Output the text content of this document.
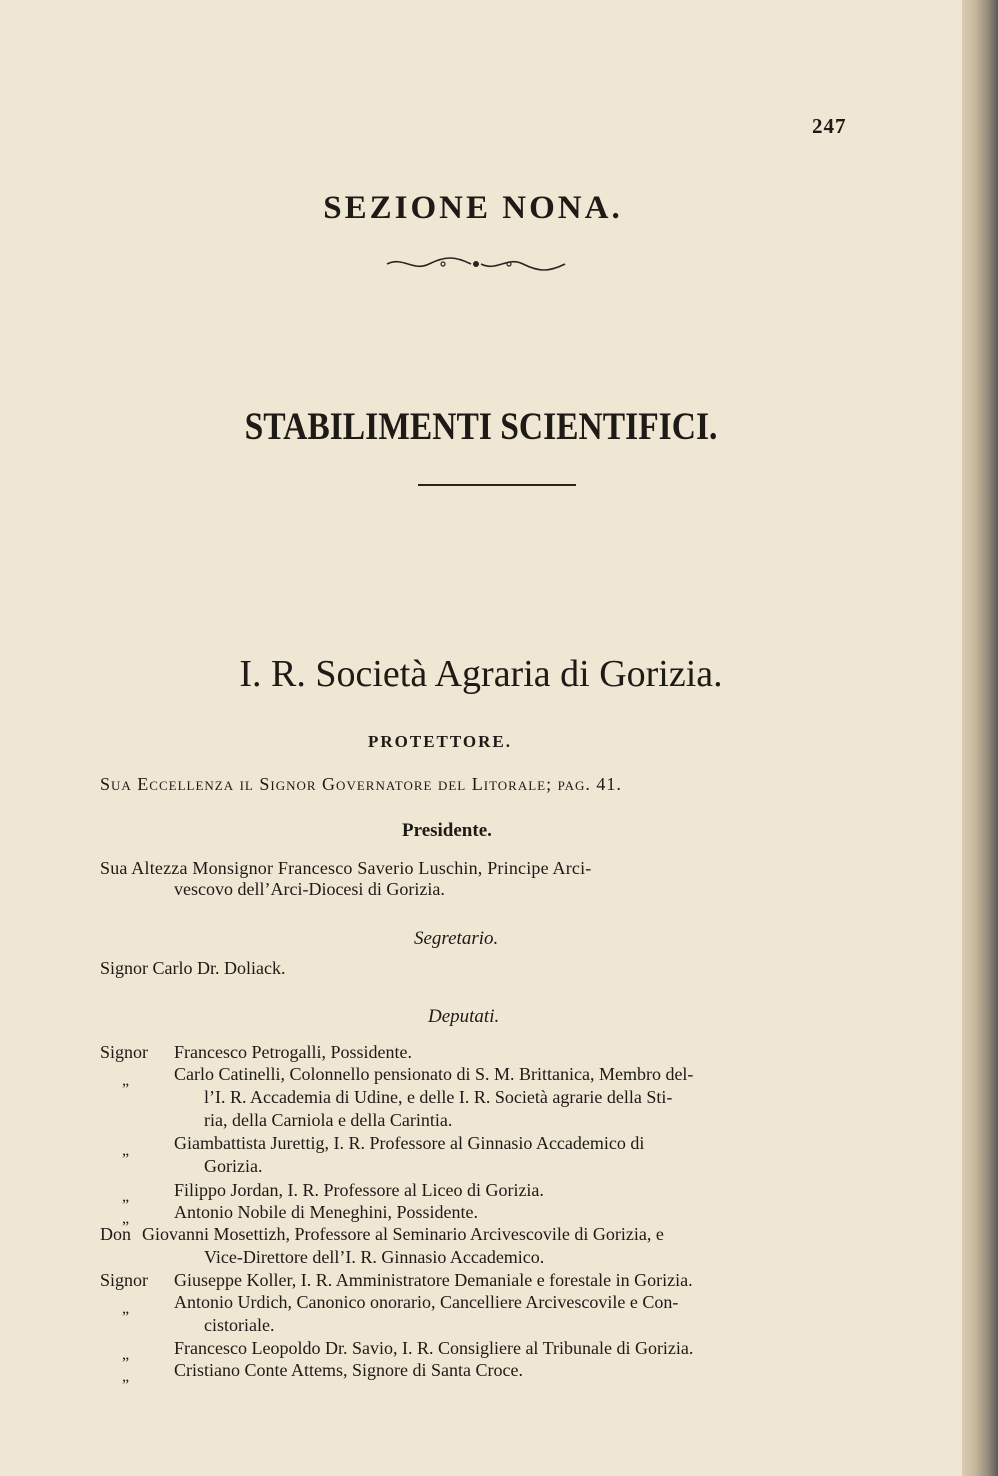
247
SEZIONE NONA.
STABILIMENTI SCIENTIFICI.
I. R. Società Agraria di Gorizia.
PROTETTORE.
Sua Eccellenza il Signor Governatore del Litorale; pag. 41.
Presidente.
Sua Altezza Monsignor Francesco Saverio Luschin, Principe Arci-
vescovo dell’Arci-Diocesi di Gorizia.
Segretario.
Signor Carlo Dr. Doliack.
Deputati.
Signor Francesco Petrogalli, Possidente.
„ Carlo Catinelli, Colonnello pensionato di S. M. Brittanica, Membro del-
l’I. R. Accademia di Udine, e delle I. R. Società agrarie della Sti-
ria, della Carniola e della Carintia.
„ Giambattista Jurettig, I. R. Professore al Ginnasio Accademico di
Gorizia.
„ Filippo Jordan, I. R. Professore al Liceo di Gorizia.
„ Antonio Nobile di Meneghini, Possidente.
Don Giovanni Mosettizh, Professore al Seminario Arcivescovile di Gorizia, e
Vice-Direttore dell’I. R. Ginnasio Accademico.
Signor Giuseppe Koller, I. R. Amministratore Demaniale e forestale in Gorizia.
„ Antonio Urdich, Canonico onorario, Cancelliere Arcivescovile e Con-
cistoriale.
„ Francesco Leopoldo Dr. Savio, I. R. Consigliere al Tribunale di Gorizia.
„ Cristiano Conte Attems, Signore di Santa Croce.
